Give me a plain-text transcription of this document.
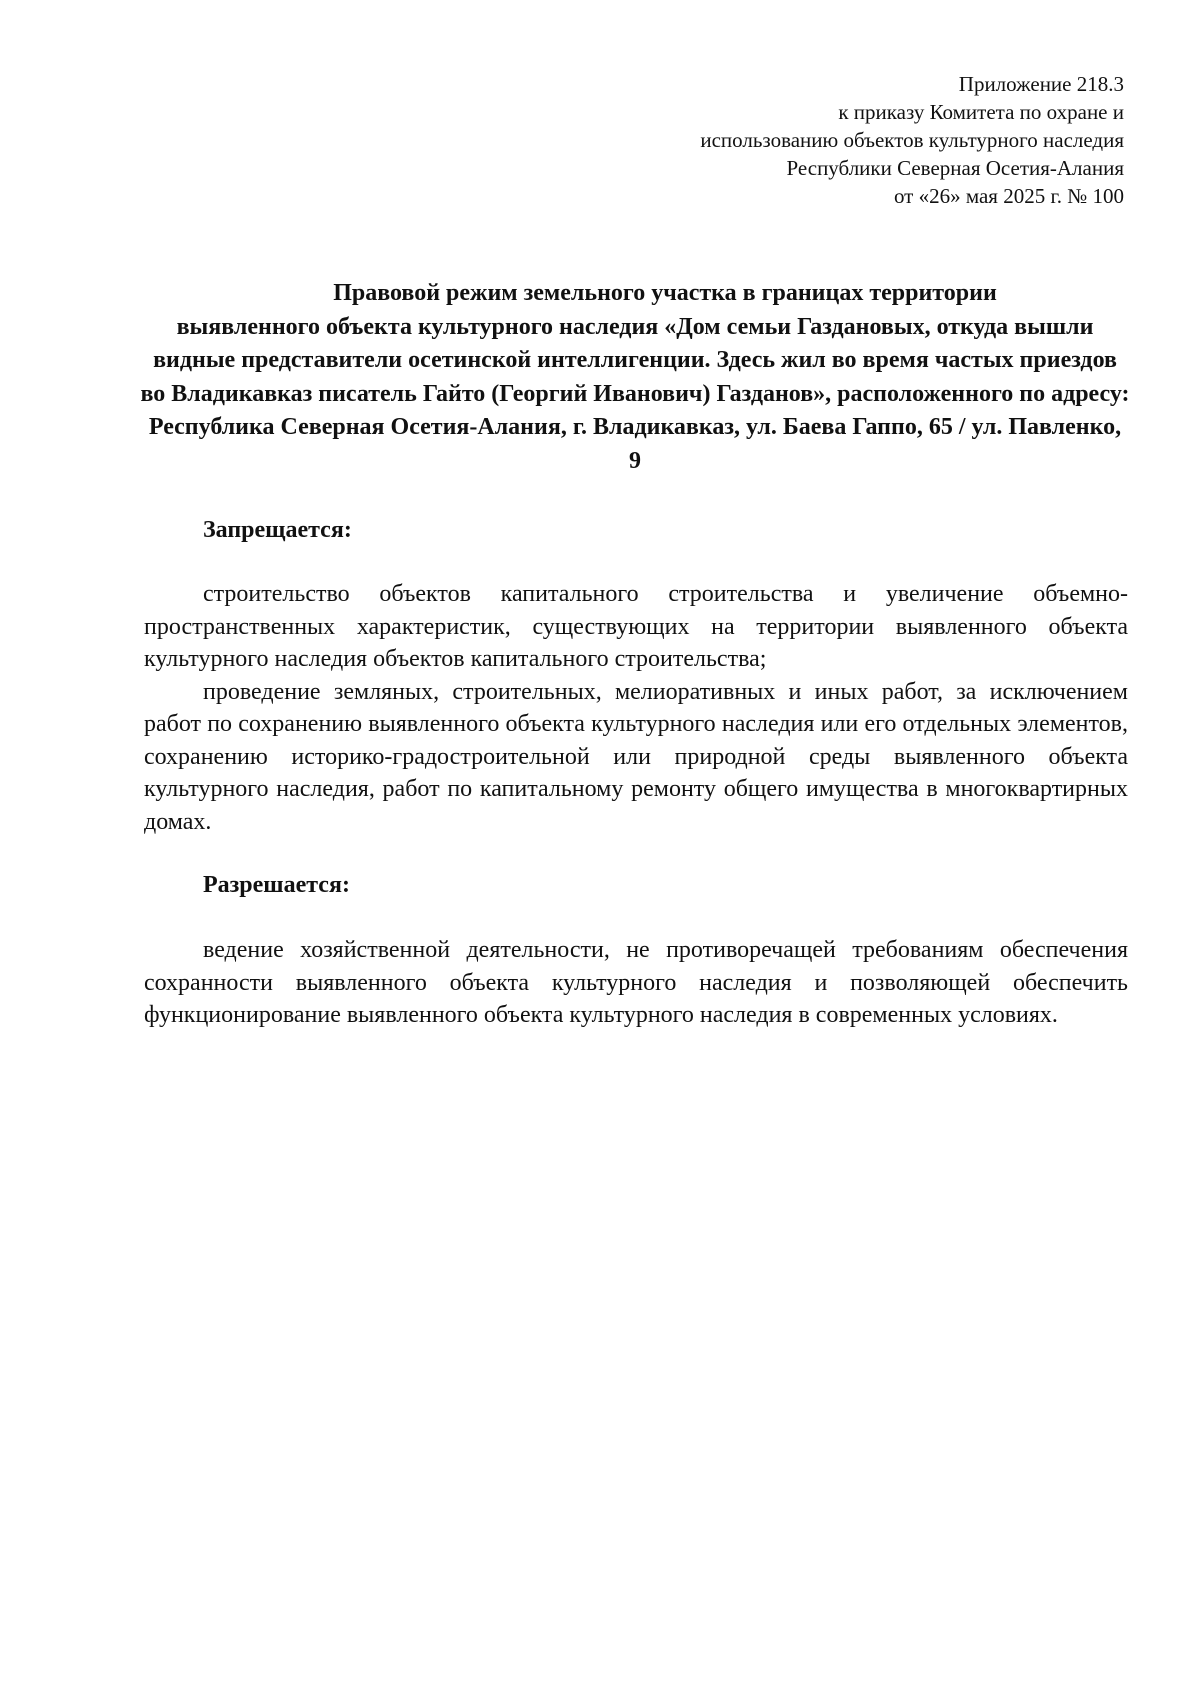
Приложение 218.3
к приказу Комитета по охране и
использованию объектов культурного наследия
Республики Северная Осетия-Алания
от «26» мая 2025 г. № 100
Правовой режим земельного участка в границах территории
выявленного объекта культурного наследия «Дом семьи Газдановых, откуда вышли видные представители осетинской интеллигенции. Здесь жил во время частых приездов во Владикавказ писатель Гайто (Георгий Иванович) Газданов», расположенного по адресу: Республика Северная Осетия-Алания, г. Владикавказ, ул. Баева Гаппо, 65 / ул. Павленко, 9
Запрещается:

строительство объектов капитального строительства и увеличение объемно-пространственных характеристик, существующих на территории выявленного объекта культурного наследия объектов капитального строительства;

проведение земляных, строительных, мелиоративных и иных работ, за исключением работ по сохранению выявленного объекта культурного наследия или его отдельных элементов, сохранению историко-градостроительной или природной среды выявленного объекта культурного наследия, работ по капитальному ремонту общего имущества в многоквартирных домах.

Разрешается:

ведение хозяйственной деятельности, не противоречащей требованиям обеспечения сохранности выявленного объекта культурного наследия и позволяющей обеспечить функционирование выявленного объекта культурного наследия в современных условиях.
